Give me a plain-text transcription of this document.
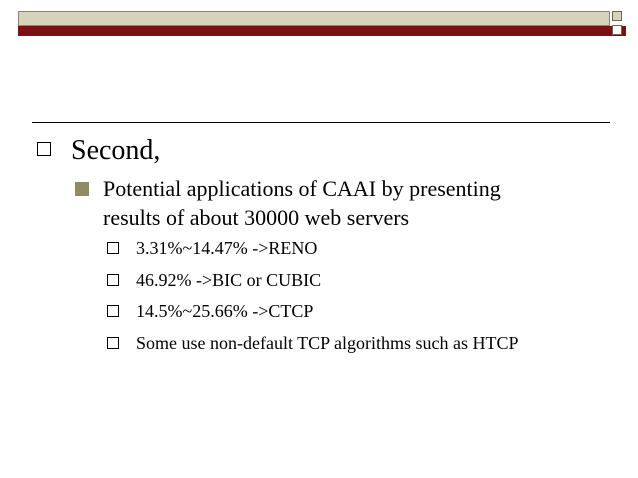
Second,
Potential applications of CAAI by presenting
results of about 30000 web servers
3.31%~14.47% ->RENO
46.92% ->BIC or CUBIC
14.5%~25.66% ->CTCP
Some use non-default TCP algorithms such as HTCP
